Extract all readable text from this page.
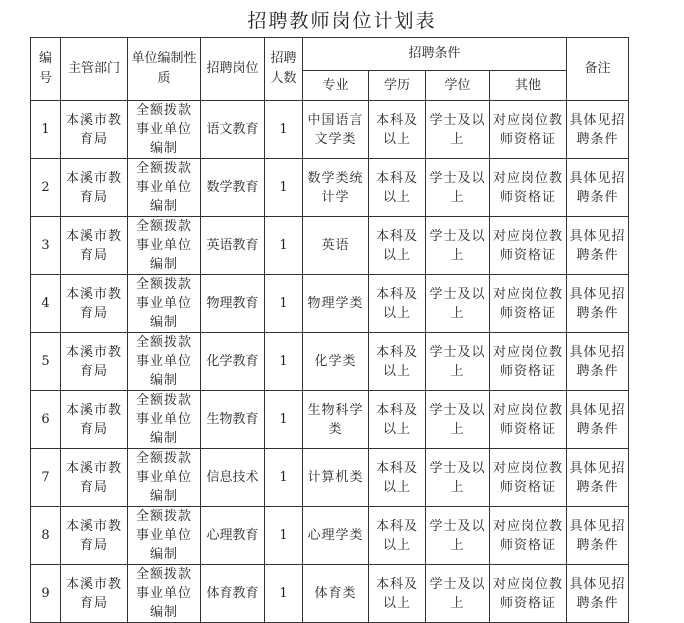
招聘教师岗位计划表
编号	主管部门	单位编制性质	招聘岗位	招聘人数	招聘条件				备注
					专业	学历	学位	其他	
1	本溪市教育局	全额拨款事业单位编制	语文教育	1	中国语言文学类	本科及以上	学士及以上	对应岗位教师资格证	具体见招聘条件
2	本溪市教育局	全额拨款事业单位编制	数学教育	1	数学类统计学	本科及以上	学士及以上	对应岗位教师资格证	具体见招聘条件
3	本溪市教育局	全额拨款事业单位编制	英语教育	1	英语	本科及以上	学士及以上	对应岗位教师资格证	具体见招聘条件
4	本溪市教育局	全额拨款事业单位编制	物理教育	1	物理学类	本科及以上	学士及以上	对应岗位教师资格证	具体见招聘条件
5	本溪市教育局	全额拨款事业单位编制	化学教育	1	化学类	本科及以上	学士及以上	对应岗位教师资格证	具体见招聘条件
6	本溪市教育局	全额拨款事业单位编制	生物教育	1	生物科学类	本科及以上	学士及以上	对应岗位教师资格证	具体见招聘条件
7	本溪市教育局	全额拨款事业单位编制	信息技术	1	计算机类	本科及以上	学士及以上	对应岗位教师资格证	具体见招聘条件
8	本溪市教育局	全额拨款事业单位编制	心理教育	1	心理学类	本科及以上	学士及以上	对应岗位教师资格证	具体见招聘条件
9	本溪市教育局	全额拨款事业单位编制	体育教育	1	体育类	本科及以上	学士及以上	对应岗位教师资格证	具体见招聘条件
